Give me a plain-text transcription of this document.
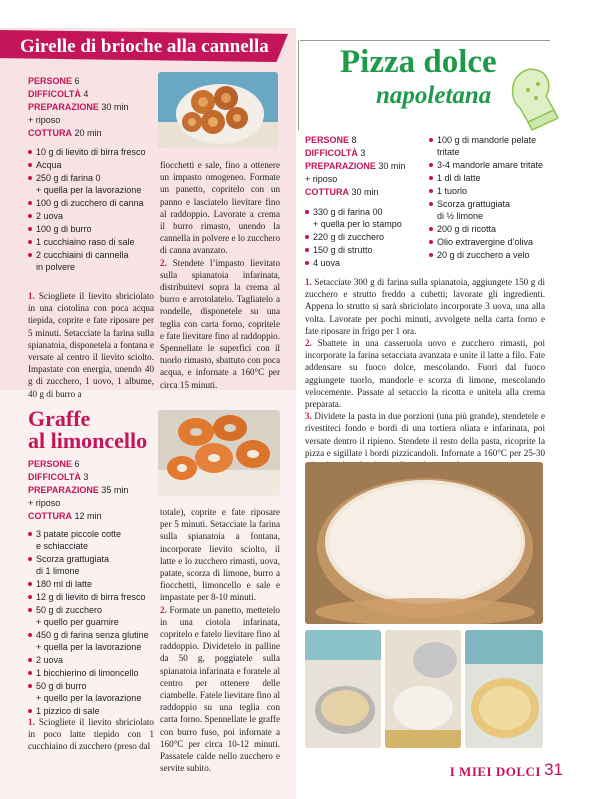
Girelle di brioche alla cannella
PERSONE 6
DIFFICOLTÀ 4
PREPARAZIONE 30 min
+ riposo
COTTURA 20 min
10 g di lievito di birra fresco
Acqua
250 g di farina 0
+ quella per la lavorazione
100 g di zucchero di canna
2 uova
100 g di burro
1 cucchiaino raso di sale
2 cucchiaini di cannella
in polvere
1. Sciogliete il lievito sbriciolato in una ciotolina con poca acqua tiepida, coprite e fate riposare per 5 minuti. Setacciate la farina sulla spianatoia, disponetela a fontana e versate al centro il lievito sciolto. Impastate con energia, unendo 40 g di zucchero, 1 uovo, 1 albume, 40 g di burro a
fiocchetti e sale, fino a ottenere un impasto omogeneo. Formate un panetto, copritelo con un panno e lasciatelo lievitare fino al raddoppio. Lavorate a crema il burro rimasto, unendo la cannella in polvere e lo zucchero di canna avanzato.
2. Stendete l’impasto lievitato sulla spianatoia infarinata, distribuitevi sopra la crema al burro e arrotolatelo. Tagliatelo a rondelle, disponetele su una teglia con carta forno, copritele e fate lievitare fino al raddoppio. Spennellate le superfici con il tuorlo rimasto, sbattuto con poca acqua, e infornate a 160°C per circa 15 minuti.
Graffe
al limoncello
PERSONE 6
DIFFICOLTÀ 3
PREPARAZIONE 35 min
+ riposo
COTTURA 12 min
3 patate piccole cotte
e schiacciate
Scorza grattugiata
di 1 limone
180 ml di latte
12 g di lievito di birra fresco
50 g di zucchero
+ quello per guarnire
450 g di farina senza glutine
+ quella per la lavorazione
2 uova
1 bicchierino di limoncello
50 g di burro
+ quello per la lavorazione
1 pizzico di sale
1. Sciogliete il lievito sbriciolato in poco latte tiepido con 1 cucchiaino di zucchero (preso dal
totale), coprite e fate riposare per 5 minuti. Setacciate la farina sulla spianatoia a fontana, incorporate lievito sciolto, il latte e lo zucchero rimasti, uova, patate, scorza di limone, burro a fiocchetti, limoncello e sale e impastate per 8-10 minuti.
2. Formate un panetto, mettetelo in una ciotola infarinata, copritelo e fatelo lievitare fino al raddoppio. Dividetelo in palline da 50 g, poggiatele sulla spianatoia infarinata e foratele al centro per ottenere delle ciambelle. Fatele lievitare fino al raddoppio su una teglia con carta forno. Spennellate le graffe con burro fuso, poi infornate a 160°C per circa 10-12 minuti. Passatele calde nello zucchero e servite subito.
Pizza dolce
napoletana
PERSONE 8
DIFFICOLTÀ 3
PREPARAZIONE 30 min
+ riposo
COTTURA 30 min
330 g di farina 00
+ quella per lo stampo
220 g di zucchero
150 g di strutto
4 uova
100 g di mandorle pelate
tritate
3-4 mandorle amare tritate
1 dl di latte
1 tuorlo
Scorza grattugiata
di ½ limone
200 g di ricotta
Olio extravergine d’oliva
20 g di zucchero a velo
1. Setacciate 300 g di farina sulla spianatoia, aggiungete 150 g di zucchero e strutto freddo a cubetti; lavorate gli ingredienti. Appena lo strutto si sarà sbriciolato incorporate 3 uova, una alla volta. Lavorate per pochi minuti, avvolgete nella carta forno e fate riposare in frigo per 1 ora.
2. Sbattete in una casseruola uovo e zucchero rimasti, poi incorporate la farina setacciata avanzata e unite il latte a filo. Fate addensare su fuoco dolce, mescolando. Fuori dal fuoco aggiungete tuorlo, mandorle e scorza di limone, mescolando velocemente. Passate al setaccio la ricotta e unitela alla crema preparata.
3. Dividete la pasta in due porzioni (una più grande), stendetele e rivestiteci fondo e bordi di una tortiera oliata e infarinata, poi versate dentro il ripieno. Stendete il resto della pasta, ricoprite la pizza e sigillate i bordi pizzicandoli. Infornate a 160°C per 25-30
I MIEI DOLCI 31
